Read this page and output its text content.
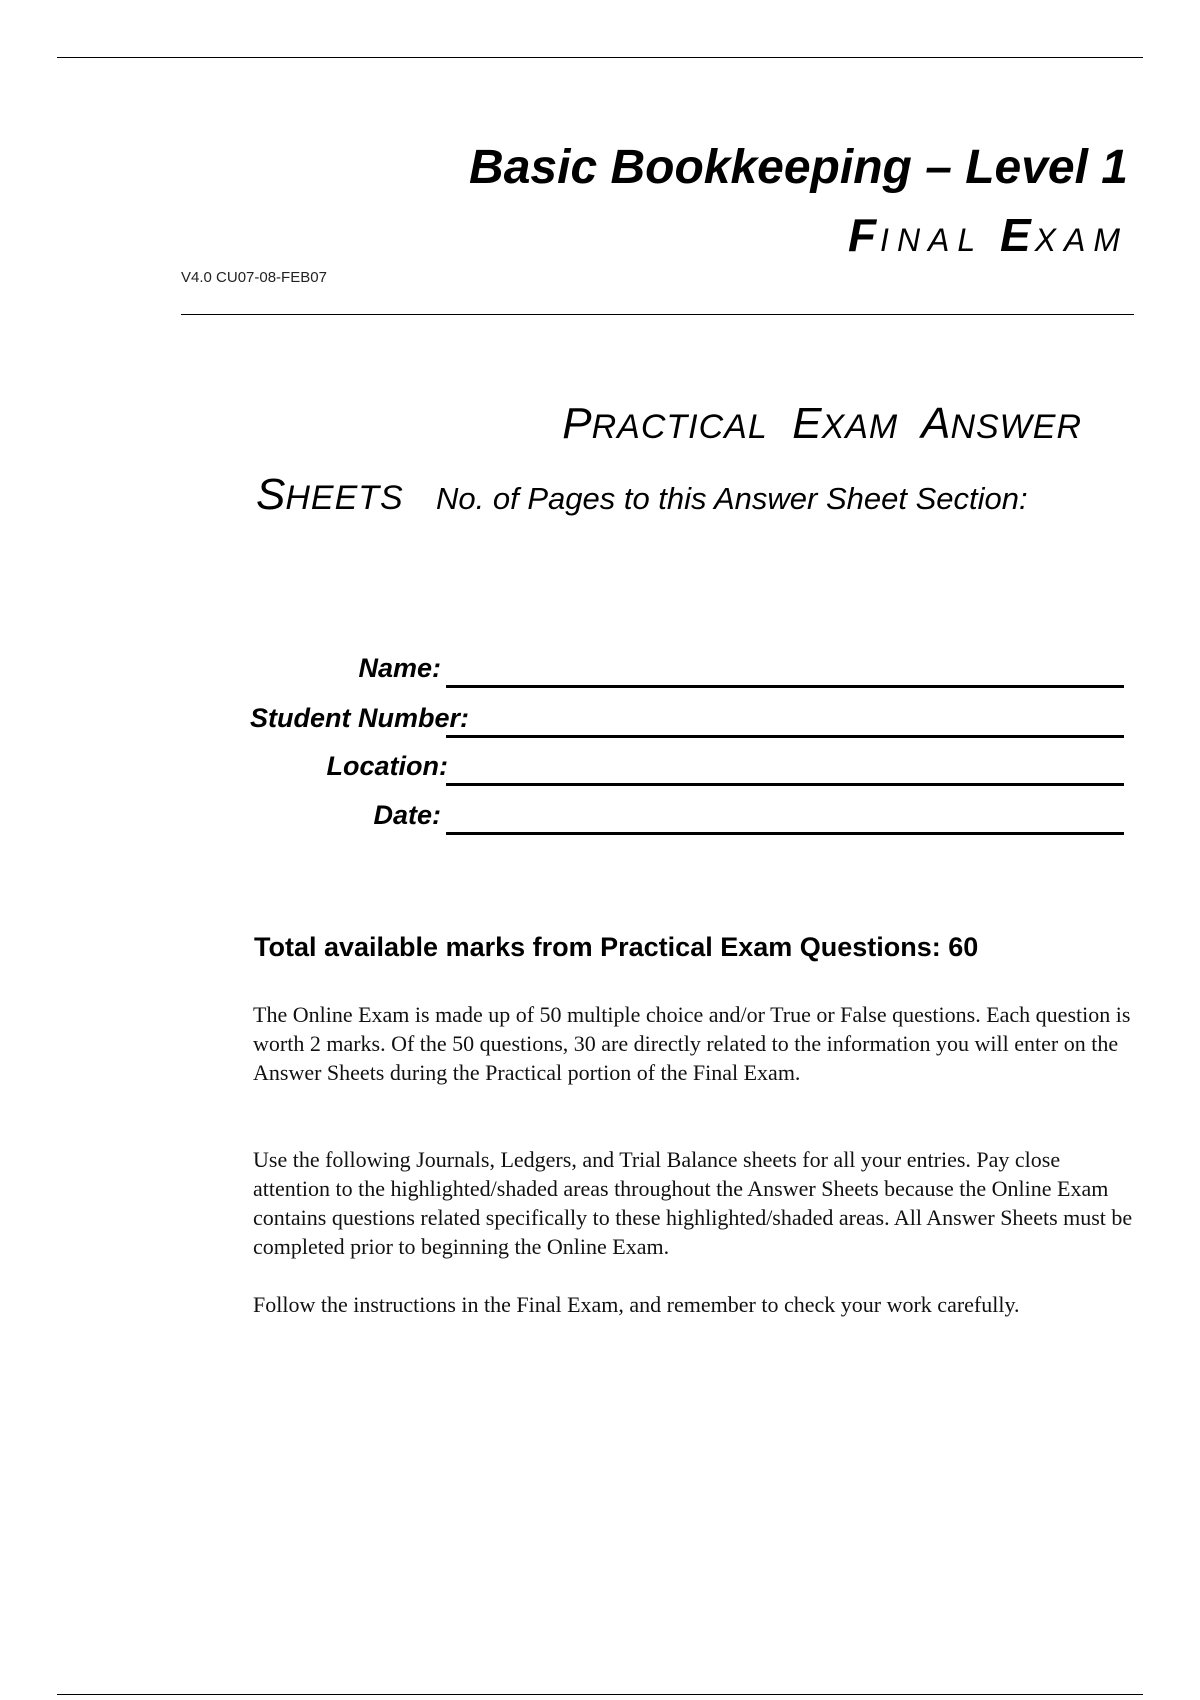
Basic Bookkeeping – Level 1
FINAL EXAM
V4.0 CU07-08-FEB07
PRACTICAL EXAM ANSWER
SHEETS No. of Pages to this Answer Sheet Section:
Name:
Student Number:
Location:
Date:
Total available marks from Practical Exam Questions: 60

The Online Exam is made up of 50 multiple choice and/or True or False questions. Each question is worth 2 marks. Of the 50 questions, 30 are directly related to the information you will enter on the Answer Sheets during the Practical portion of the Final Exam.

Use the following Journals, Ledgers, and Trial Balance sheets for all your entries. Pay close attention to the highlighted/shaded areas throughout the Answer Sheets because the Online Exam contains questions related specifically to these highlighted/shaded areas. All Answer Sheets must be completed prior to beginning the Online Exam.

Follow the instructions in the Final Exam, and remember to check your work carefully.
